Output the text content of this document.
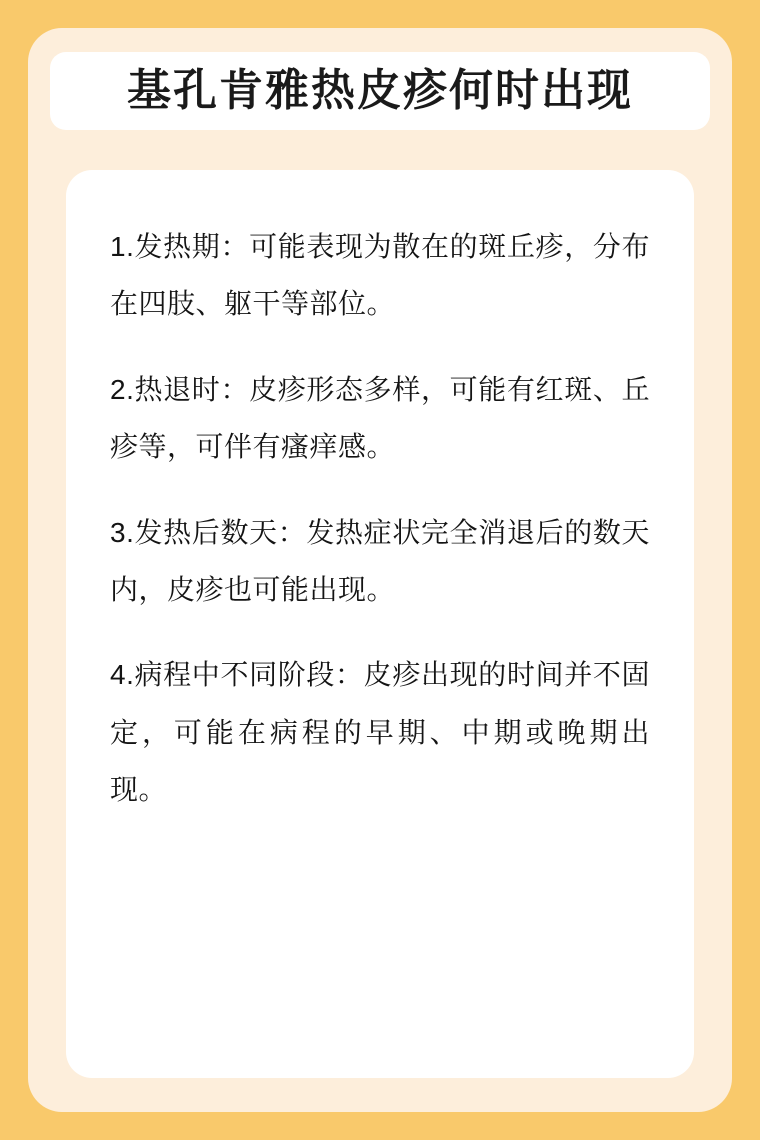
基孔肯雅热皮疹何时出现

1.发热期：可能表现为散在的斑丘疹，分布在四肢、躯干等部位。

2.热退时：皮疹形态多样，可能有红斑、丘疹等，可伴有瘙痒感。

3.发热后数天：发热症状完全消退后的数天内，皮疹也可能出现。

4.病程中不同阶段：皮疹出现的时间并不固定，可能在病程的早期、中期或晚期出现。
